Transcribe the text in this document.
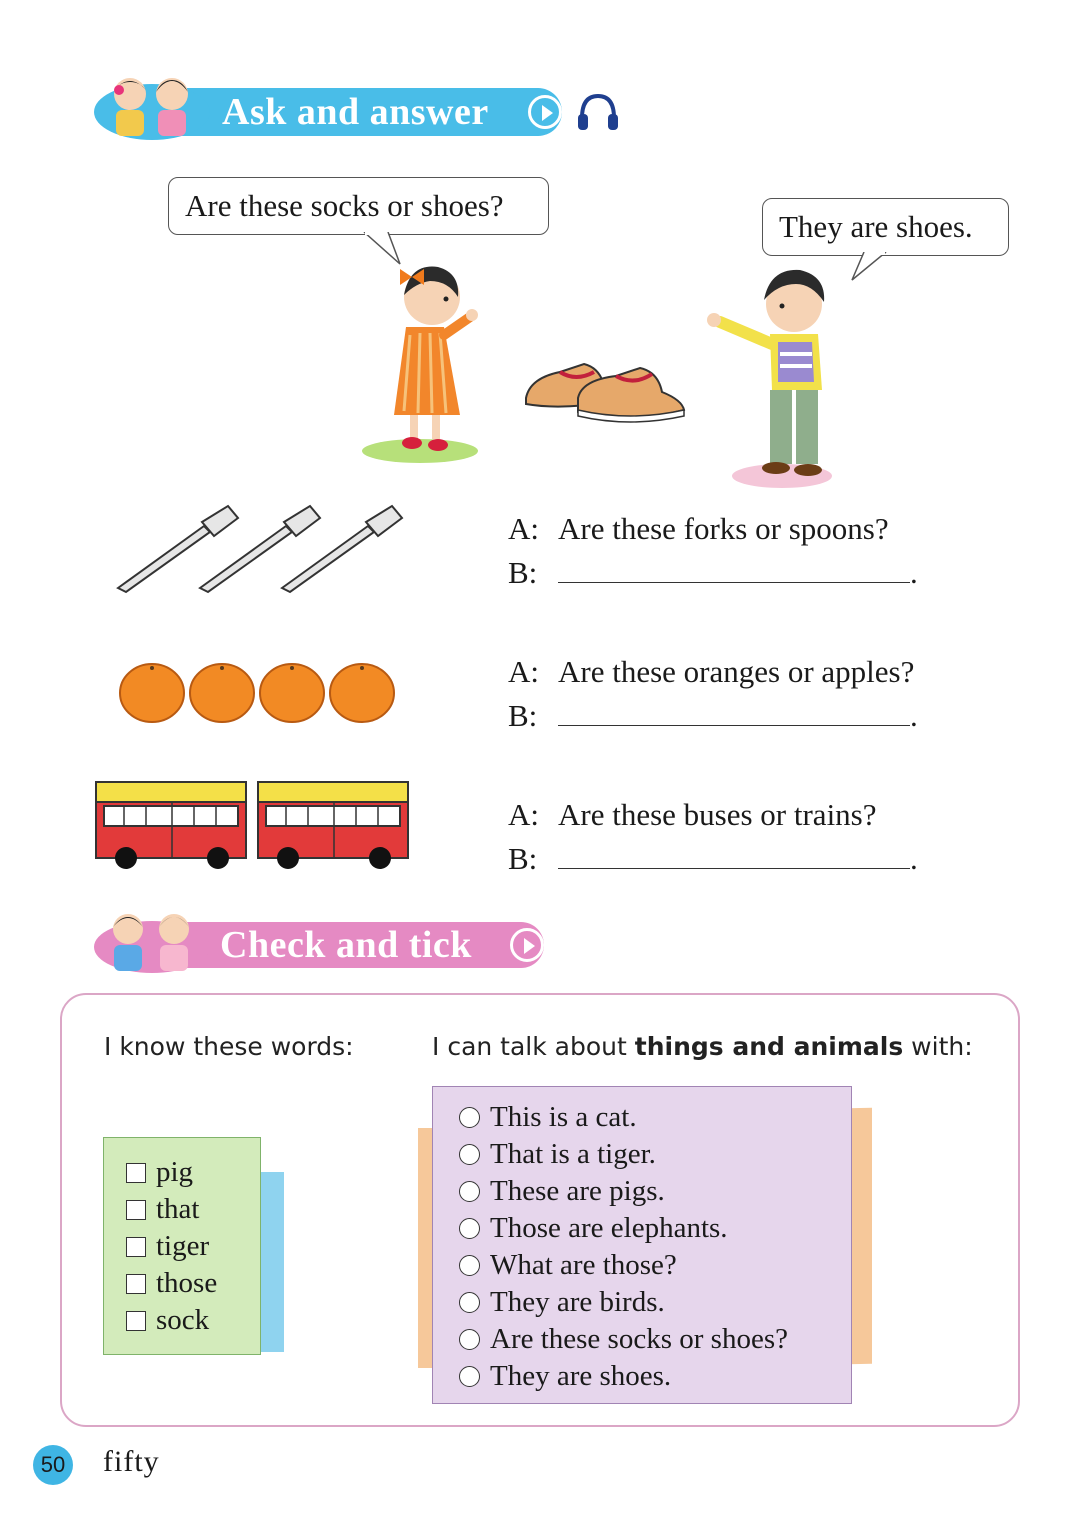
Ask and answer
Are these socks or shoes?
They are shoes.
A: Are these forks or spoons?
B:	.
A: Are these oranges or apples?
B:	.
A: Are these buses or trains?
B:	.
Check and tick
I know these words:	I can talk about things and animals with:
pig
that
tiger
those
sock
This is a cat.
That is a tiger.
These are pigs.
Those are elephants.
What are those?
They are birds.
Are these socks or shoes?
They are shoes.
50 fifty
